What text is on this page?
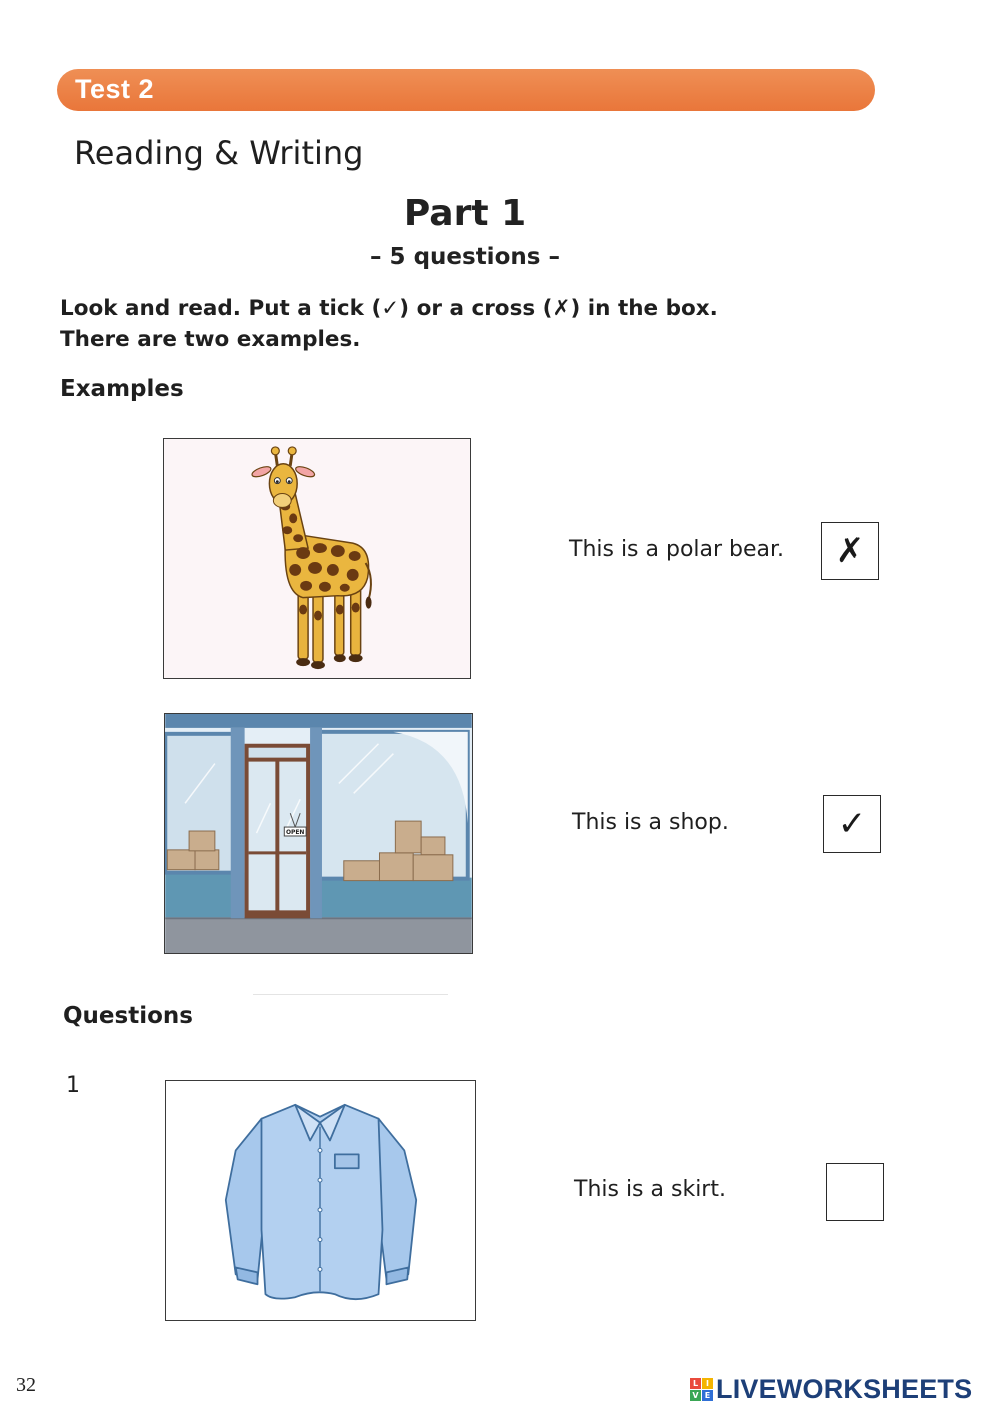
Test 2
Reading & Writing
Part 1
– 5 questions –
Look and read. Put a tick (✓) or a cross (✗) in the box.
There are two examples.
Examples
This is a polar bear. ✗
OPEN	This is a shop.	✓
Questions
1
This is a skirt.
32	L I
V E LIVEWORKSHEETS
